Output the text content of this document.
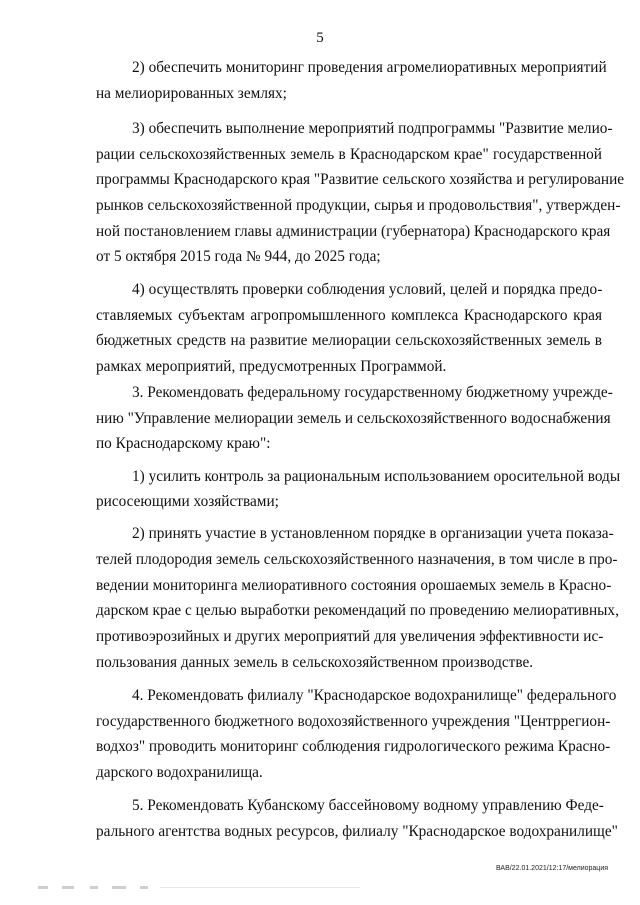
5
2) обеспечить мониторинг проведения агромелиоративных мероприятий
на мелиорированных землях;
3) обеспечить выполнение мероприятий подпрограммы "Развитие мелио-
рации сельскохозяйственных земель в Краснодарском крае" государственной
программы Краснодарского края "Развитие сельского хозяйства и регулирование
рынков сельскохозяйственной продукции, сырья и продовольствия", утвержден-
ной постановлением главы администрации (губернатора) Краснодарского края
от 5 октября 2015 года № 944, до 2025 года;
4) осуществлять проверки соблюдения условий, целей и порядка предо-
ставляемых субъектам агропромышленного комплекса Краснодарского края
бюджетных средств на развитие мелиорации сельскохозяйственных земель в
рамках мероприятий, предусмотренных Программой.
3. Рекомендовать федеральному государственному бюджетному учрежде-
нию "Управление мелиорации земель и сельскохозяйственного водоснабжения
по Краснодарскому краю":
1) усилить контроль за рациональным использованием оросительной воды
рисосеющими хозяйствами;
2) принять участие в установленном порядке в организации учета показа-
телей плодородия земель сельскохозяйственного назначения, в том числе в про-
ведении мониторинга мелиоративного состояния орошаемых земель в Красно-
дарском крае с целью выработки рекомендаций по проведению мелиоративных,
противоэрозийных и других мероприятий для увеличения эффективности ис-
пользования данных земель в сельскохозяйственном производстве.
4. Рекомендовать филиалу "Краснодарское водохранилище" федерального
государственного бюджетного водохозяйственного учреждения "Центррегион-
водхоз" проводить мониторинг соблюдения гидрологического режима Красно-
дарского водохранилища.
5. Рекомендовать Кубанскому бассейновому водному управлению Феде-
рального агентства водных ресурсов, филиалу "Краснодарское водохранилище"
ВАВ/22.01.2021/12:17/мелиорация
